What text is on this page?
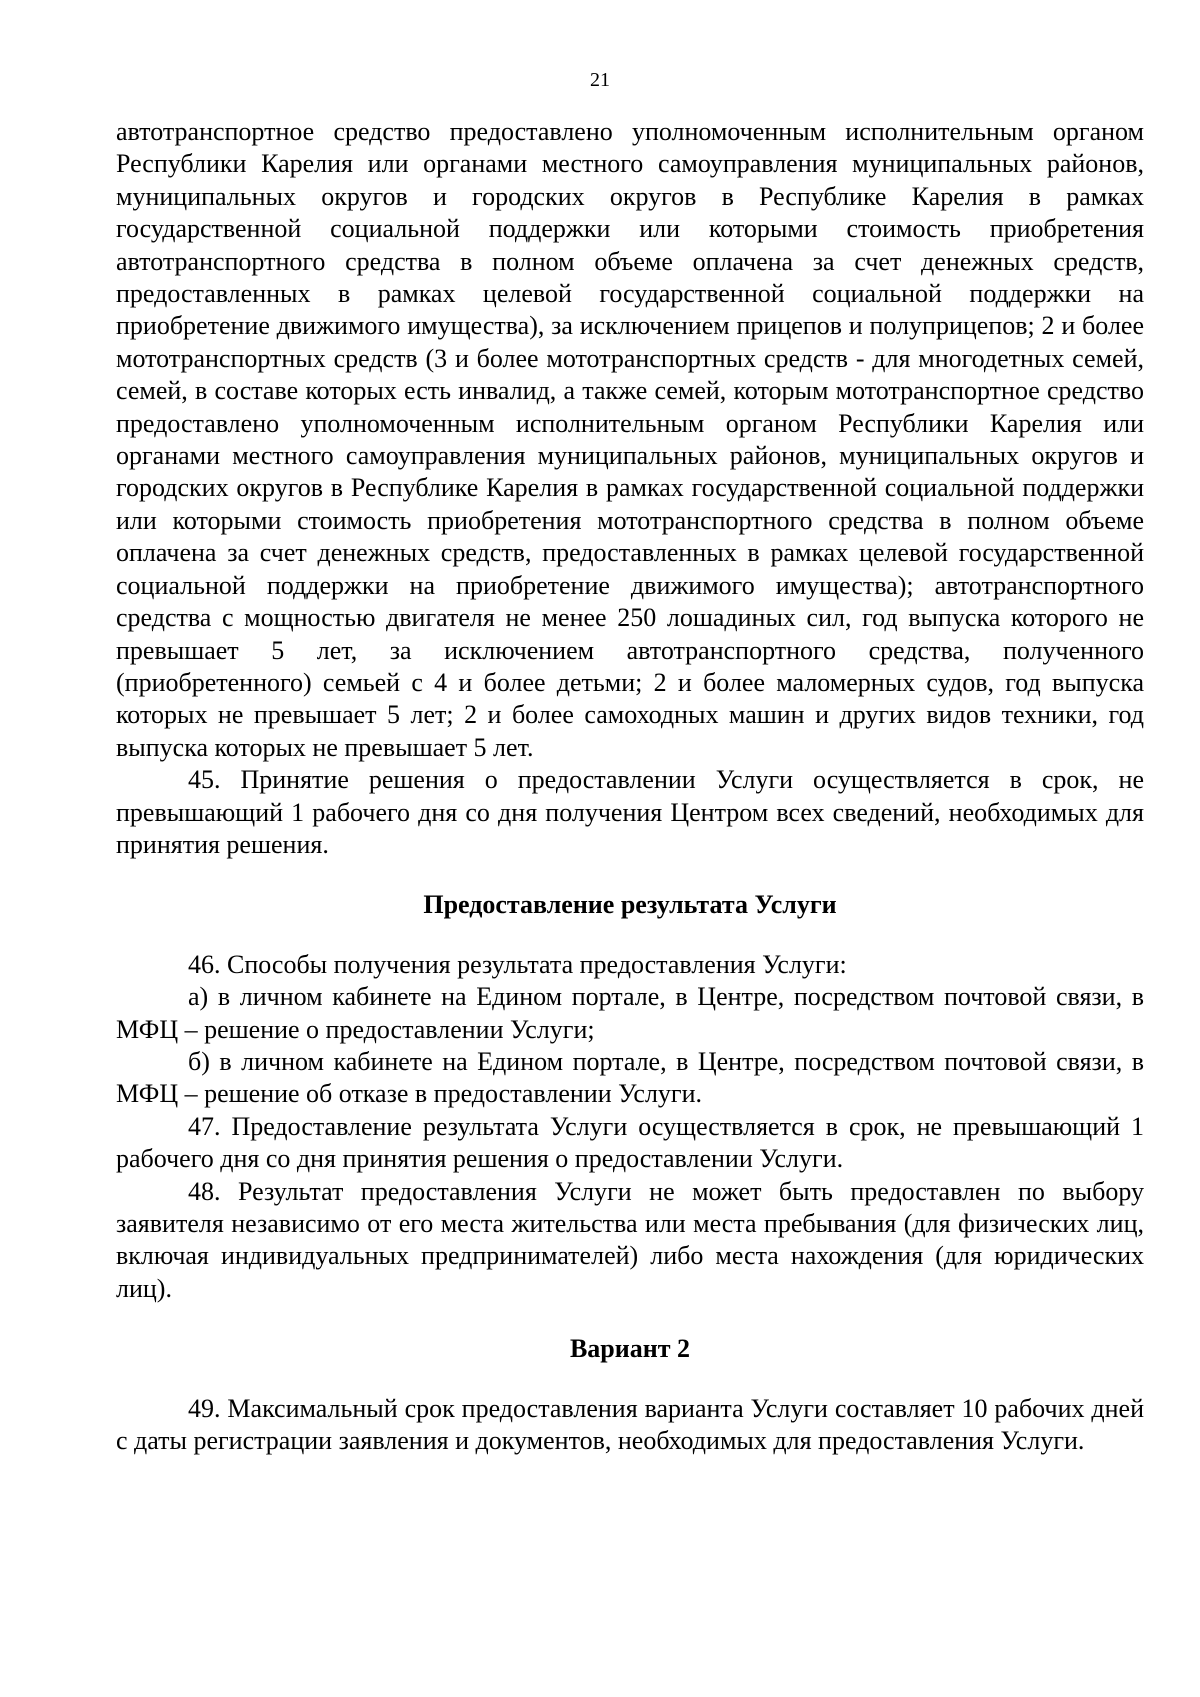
21

автотранспортное средство предоставлено уполномоченным исполнительным органом Республики Карелия или органами местного самоуправления муниципальных районов, муниципальных округов и городских округов в Республике Карелия в рамках государственной социальной поддержки или которыми стоимость приобретения автотранспортного средства в полном объеме оплачена за счет денежных средств, предоставленных в рамках целевой государственной социальной поддержки на приобретение движимого имущества), за исключением прицепов и полуприцепов; 2 и более мототранспортных средств (3 и более мототранспортных средств - для многодетных семей, семей, в составе которых есть инвалид, а также семей, которым мототранспортное средство предоставлено уполномоченным исполнительным органом Республики Карелия или органами местного самоуправления муниципальных районов, муниципальных округов и городских округов в Республике Карелия в рамках государственной социальной поддержки или которыми стоимость приобретения мототранспортного средства в полном объеме оплачена за счет денежных средств, предоставленных в рамках целевой государственной социальной поддержки на приобретение движимого имущества); автотранспортного средства с мощностью двигателя не менее 250 лошадиных сил, год выпуска которого не превышает 5 лет, за исключением автотранспортного средства, полученного (приобретенного) семьей с 4 и более детьми; 2 и более маломерных судов, год выпуска которых не превышает 5 лет; 2 и более самоходных машин и других видов техники, год выпуска которых не превышает 5 лет.

45. Принятие решения о предоставлении Услуги осуществляется в срок, не превышающий 1 рабочего дня со дня получения Центром всех сведений, необходимых для принятия решения.

Предоставление результата Услуги

46. Способы получения результата предоставления Услуги:

а) в личном кабинете на Едином портале, в Центре, посредством почтовой связи, в МФЦ – решение о предоставлении Услуги;

б) в личном кабинете на Едином портале, в Центре, посредством почтовой связи, в МФЦ – решение об отказе в предоставлении Услуги.

47. Предоставление результата Услуги осуществляется в срок, не превышающий 1 рабочего дня со дня принятия решения о предоставлении Услуги.

48. Результат предоставления Услуги не может быть предоставлен по выбору заявителя независимо от его места жительства или места пребывания (для физических лиц, включая индивидуальных предпринимателей) либо места нахождения (для юридических лиц).

Вариант 2

49. Максимальный срок предоставления варианта Услуги составляет 10 рабочих дней с даты регистрации заявления и документов, необходимых для предоставления Услуги.
